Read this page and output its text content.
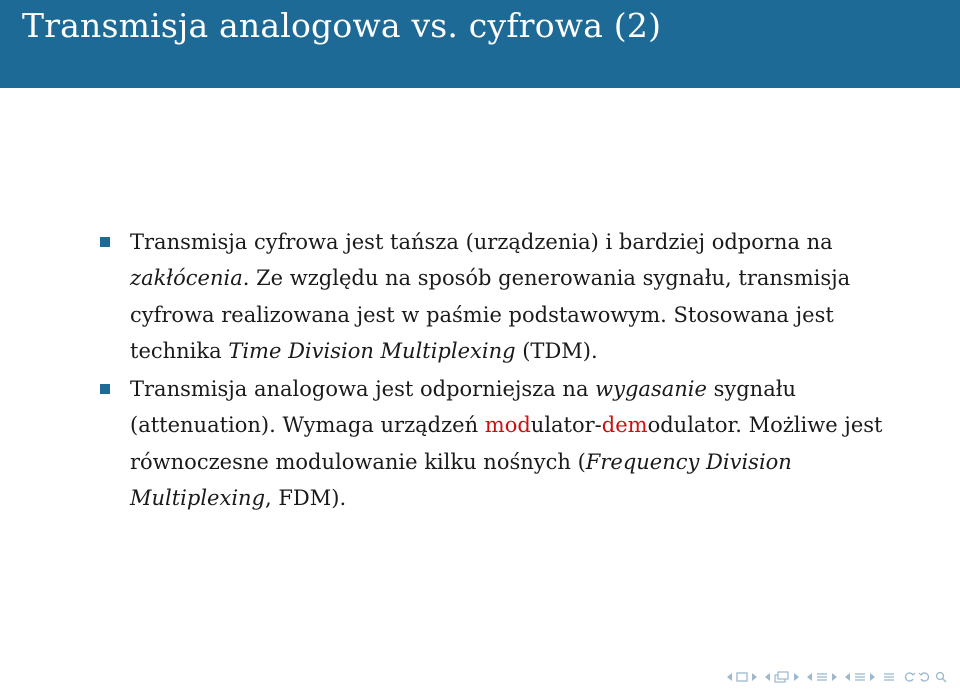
Transmisja analogowa vs. cyfrowa (2)
Transmisja cyfrowa jest tańsza (urządzenia) i bardziej odporna na zakłócenia. Ze względu na sposób generowania sygnału, transmisja cyfrowa realizowana jest w paśmie podstawowym. Stosowana jest technika Time Division Multiplexing (TDM).
Transmisja analogowa jest odporniejsza na wygasanie sygnału (attenuation). Wymaga urządzeń modulator-demodulator. Możliwe jest równoczesne modulowanie kilku nośnych (Frequency Division Multiplexing, FDM).
